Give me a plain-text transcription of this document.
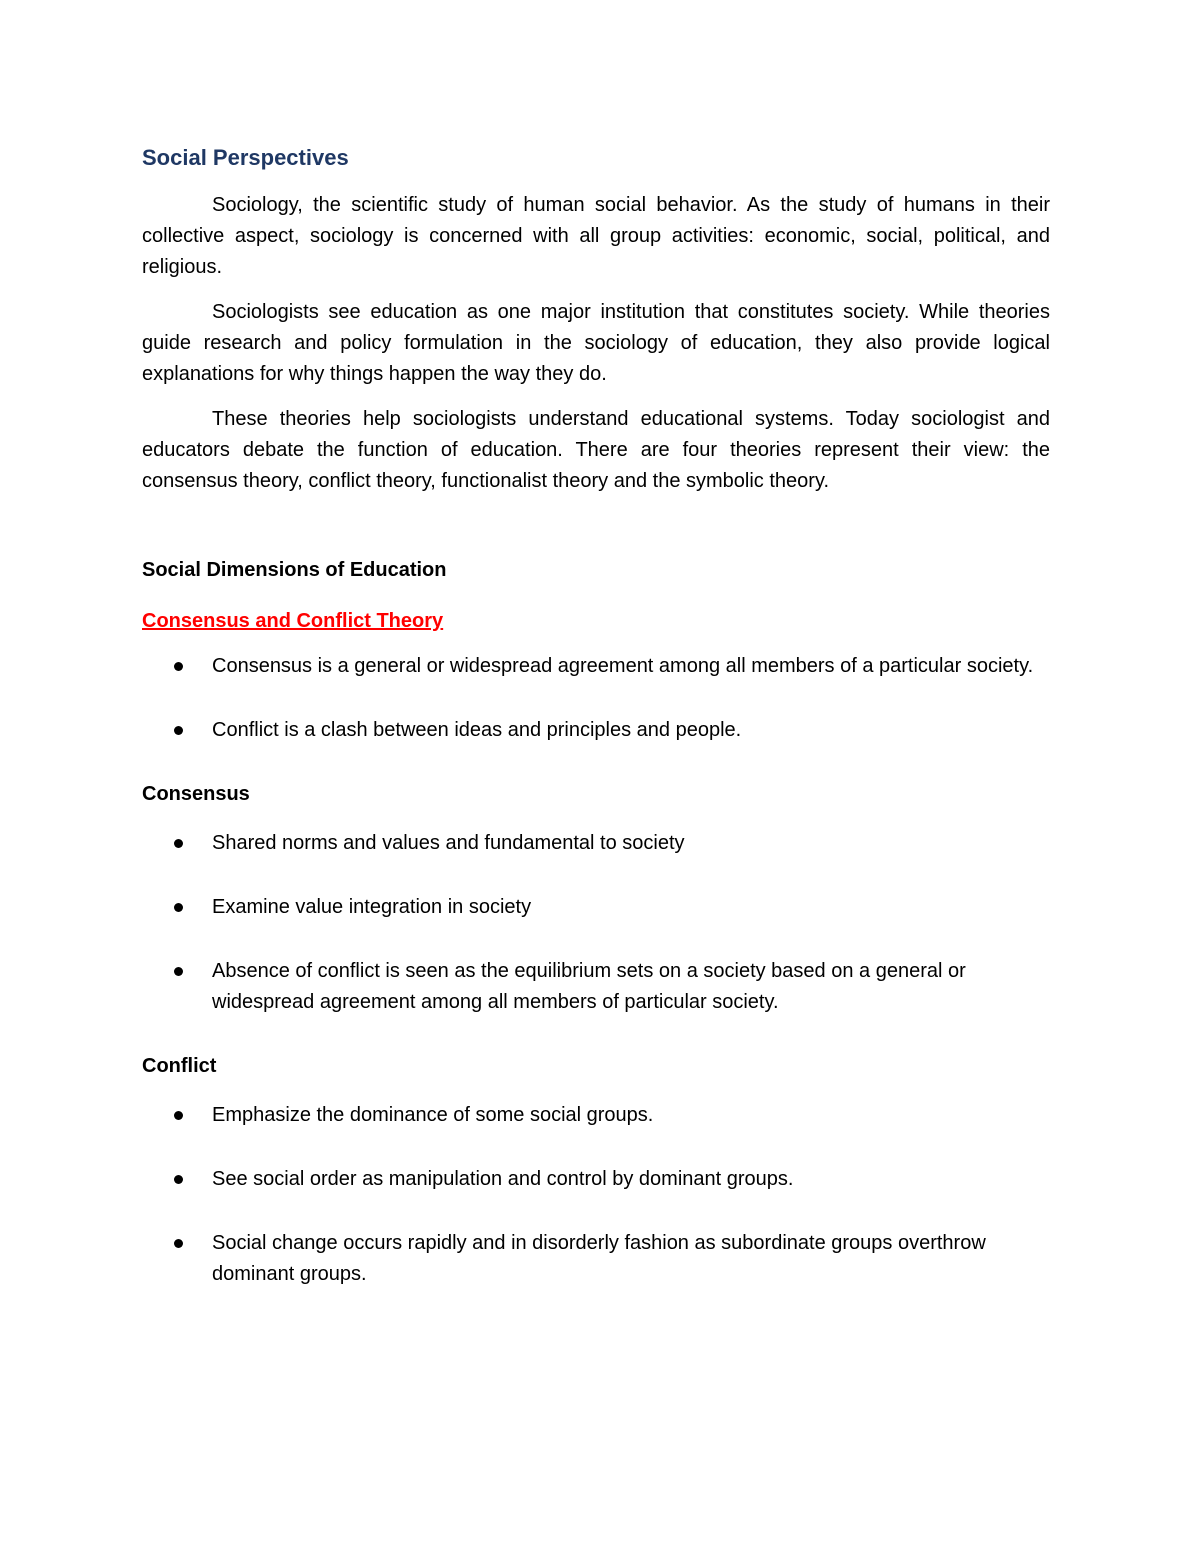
Social Perspectives

Sociology, the scientific study of human social behavior. As the study of humans in their collective aspect, sociology is concerned with all group activities: economic, social, political, and religious.

Sociologists see education as one major institution that constitutes society. While theories guide research and policy formulation in the sociology of education, they also provide logical explanations for why things happen the way they do.

These theories help sociologists understand educational systems. Today sociologist and educators debate the function of education. There are four theories represent their view: the consensus theory, conflict theory, functionalist theory and the symbolic theory.

Social Dimensions of Education
Consensus and Conflict Theory
Consensus is a general or widespread agreement among all members of a particular society.
Conflict is a clash between ideas and principles and people.
Consensus
Shared norms and values and fundamental to society
Examine value integration in society
Absence of conflict is seen as the equilibrium sets on a society based on a general or widespread agreement among all members of particular society.
Conflict
Emphasize the dominance of some social groups.
See social order as manipulation and control by dominant groups.
Social change occurs rapidly and in disorderly fashion as subordinate groups overthrow dominant groups.
